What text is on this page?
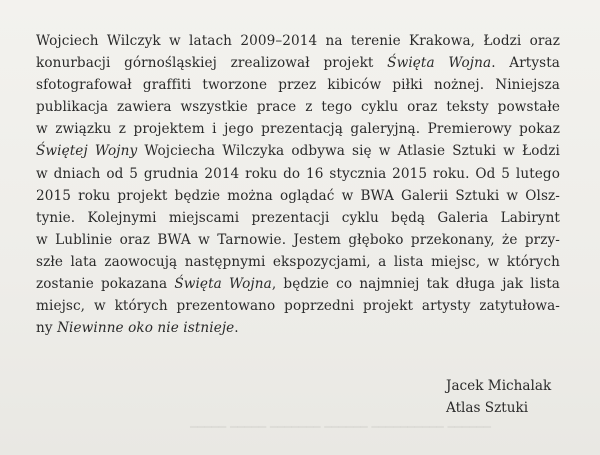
━━━━━ ━━━━━ ━━━━━━━ ━━━━━━ ━━━━━━━━━━ ━━━━━━
Wojciech Wilczyk w latach 2009–2014 na terenie Krakowa, Łodzi oraz
konurbacji górnośląskiej zrealizował projekt Święta Wojna. Artysta
sfotografował graffiti tworzone przez kibiców piłki nożnej. Niniejsza
publikacja zawiera wszystkie prace z tego cyklu oraz teksty powstałe
w związku z projektem i jego prezentacją galeryjną. Premierowy pokaz
Świętej Wojny Wojciecha Wilczyka odbywa się w Atlasie Sztuki w Łodzi
w dniach od 5 grudnia 2014 roku do 16 stycznia 2015 roku. Od 5 lutego
2015 roku projekt będzie można oglądać w BWA Galerii Sztuki w Olsz-
tynie. Kolejnymi miejscami prezentacji cyklu będą Galeria Labirynt
w Lublinie oraz BWA w Tarnowie. Jestem głęboko przekonany, że przy-
szłe lata zaowocują następnymi ekspozycjami, a lista miejsc, w których
zostanie pokazana Święta Wojna, będzie co najmniej tak długa jak lista
miejsc, w których prezentowano poprzedni projekt artysty zatytułowa-
ny Niewinne oko nie istnieje.
Jacek Michalak
Atlas Sztuki
